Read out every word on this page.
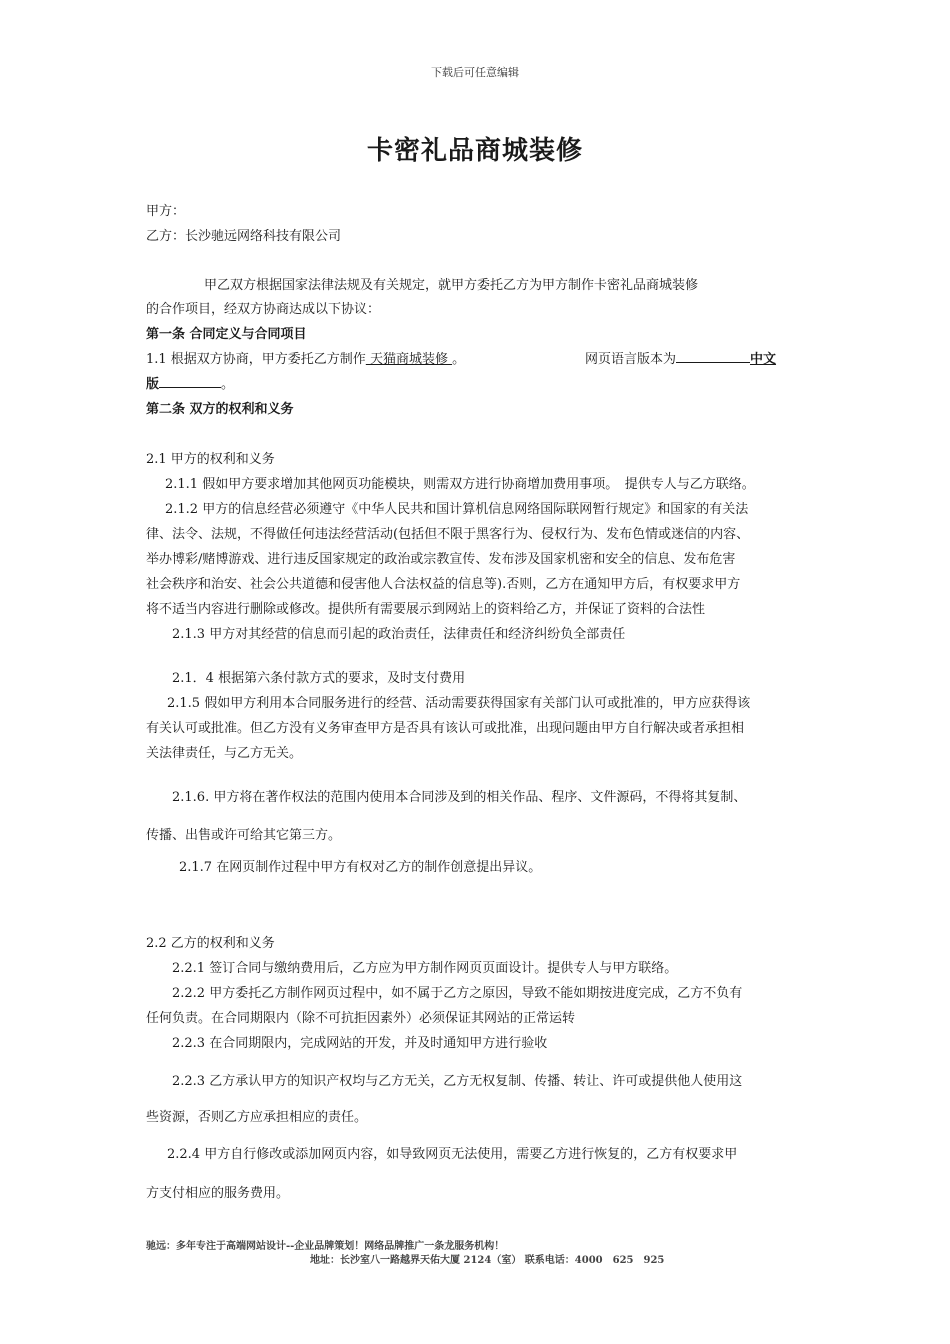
下载后可任意编辑
卡密礼品商城装修
甲方：
乙方：长沙驰远网络科技有限公司
甲乙双方根据国家法律法规及有关规定，就甲方委托乙方为甲方制作卡密礼品商城装修
的合作项目，经双方协商达成以下协议：
第一条 合同定义与合同项目
1.1 根据双方协商，甲方委托乙方制作 天猫商城装修 。	网页语言版本为	中文
版	。
第二条 双方的权利和义务
2.1 甲方的权利和义务
2.1.1 假如甲方要求增加其他网页功能模块，则需双方进行协商增加费用事项。　提供专人与乙方联络。
2.1.2 甲方的信息经营必须遵守《中华人民共和国计算机信息网络国际联网暂行规定》和国家的有关法
律、法令、法规，不得做任何违法经营活动(包括但不限于黑客行为、侵权行为、发布色情或迷信的内容、
举办博彩/赌博游戏、进行违反国家规定的政治或宗教宣传、发布涉及国家机密和安全的信息、发布危害
社会秩序和治安、社会公共道德和侵害他人合法权益的信息等).否则，乙方在通知甲方后，有权要求甲方
将不适当内容进行删除或修改。提供所有需要展示到网站上的资料给乙方，并保证了资料的合法性
2.1.3 甲方对其经营的信息而引起的政治责任，法律责任和经济纠纷负全部责任
2.1．4 根据第六条付款方式的要求，及时支付费用
2.1.5 假如甲方利用本合同服务进行的经营、活动需要获得国家有关部门认可或批准的，甲方应获得该
有关认可或批准。但乙方没有义务审查甲方是否具有该认可或批准，出现问题由甲方自行解决或者承担相
关法律责任，与乙方无关。
2.1.6. 甲方将在著作权法的范围内使用本合同涉及到的相关作品、程序、文件源码，不得将其复制、
传播、出售或许可给其它第三方。
2.1.7 在网页制作过程中甲方有权对乙方的制作创意提出异议。
2.2 乙方的权利和义务
2.2.1 签订合同与缴纳费用后，乙方应为甲方制作网页页面设计。提供专人与甲方联络。
2.2.2 甲方委托乙方制作网页过程中，如不属于乙方之原因，导致不能如期按进度完成，乙方不负有
任何负责。在合同期限内（除不可抗拒因素外）必须保证其网站的正常运转
2.2.3 在合同期限内，完成网站的开发，并及时通知甲方进行验收
2.2.3 乙方承认甲方的知识产权均与乙方无关，乙方无权复制、传播、转让、许可或提供他人使用这
些资源，否则乙方应承担相应的责任。
2.2.4 甲方自行修改或添加网页内容，如导致网页无法使用，需要乙方进行恢复的，乙方有权要求甲
方支付相应的服务费用。
驰远：多年专注于高端网站设计--企业品牌策划！网络品牌推广一条龙服务机构！
地址：长沙室八一路越界天佑大厦 2124（室） 联系电话：4000　625　925
